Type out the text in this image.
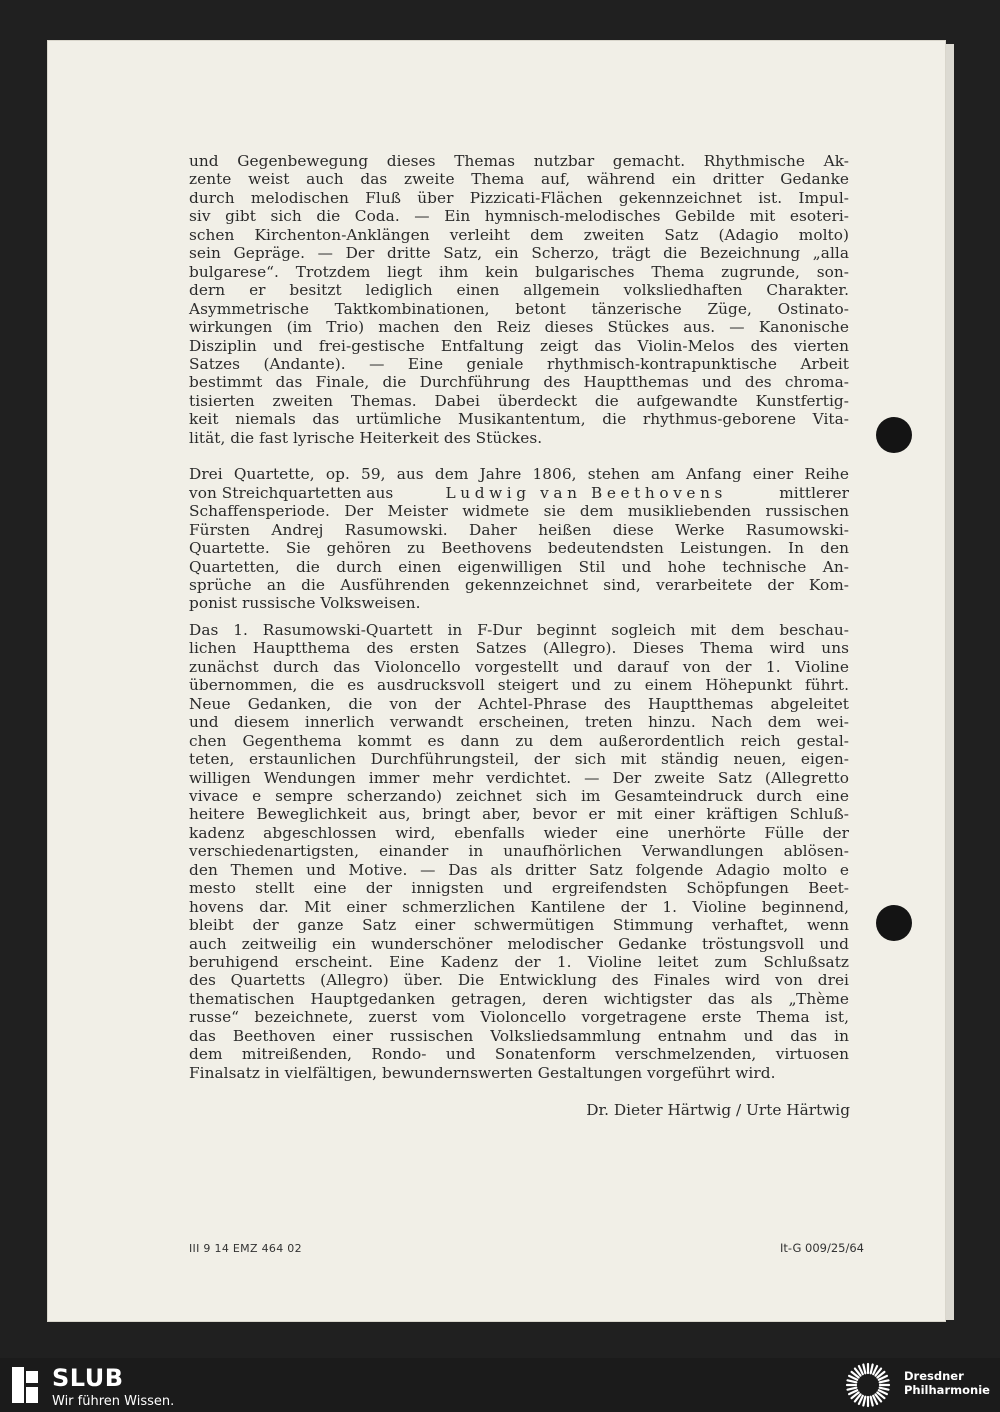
und Gegenbewegung dieses Themas nutzbar gemacht. Rhythmische Ak-
zente weist auch das zweite Thema auf, während ein dritter Gedanke
durch melodischen Fluß über Pizzicati-Flächen gekennzeichnet ist. Impul-
siv gibt sich die Coda. — Ein hymnisch-melodisches Gebilde mit esoteri-
schen Kirchenton-Anklängen verleiht dem zweiten Satz (Adagio molto)
sein Gepräge. — Der dritte Satz, ein Scherzo, trägt die Bezeichnung „alla
bulgarese“. Trotzdem liegt ihm kein bulgarisches Thema zugrunde, son-
dern er besitzt lediglich einen allgemein volksliedhaften Charakter.
Asymmetrische Taktkombinationen, betont tänzerische Züge, Ostinato-
wirkungen (im Trio) machen den Reiz dieses Stückes aus. — Kanonische
Disziplin und frei-gestische Entfaltung zeigt das Violin-Melos des vierten
Satzes (Andante). — Eine geniale rhythmisch-kontrapunktische Arbeit
bestimmt das Finale, die Durchführung des Hauptthemas und des chroma-
tisierten zweiten Themas. Dabei überdeckt die aufgewandte Kunstfertig-
keit niemals das urtümliche Musikantentum, die rhythmus-geborene Vita-
lität, die fast lyrische Heiterkeit des Stückes.
Drei Quartette, op. 59, aus dem Jahre 1806, stehen am Anfang einer Reihe
von Streichquartetten aus	Ludwig van Beethovens	mittlerer
Schaffensperiode. Der Meister widmete sie dem musikliebenden russischen
Fürsten Andrej Rasumowski. Daher heißen diese Werke Rasumowski-
Quartette. Sie gehören zu Beethovens bedeutendsten Leistungen. In den
Quartetten, die durch einen eigenwilligen Stil und hohe technische An-
sprüche an die Ausführenden gekennzeichnet sind, verarbeitete der Kom-
ponist russische Volksweisen.
Das 1. Rasumowski-Quartett in F-Dur beginnt sogleich mit dem beschau-
lichen Hauptthema des ersten Satzes (Allegro). Dieses Thema wird uns
zunächst durch das Violoncello vorgestellt und darauf von der 1. Violine
übernommen, die es ausdrucksvoll steigert und zu einem Höhepunkt führt.
Neue Gedanken, die von der Achtel-Phrase des Hauptthemas abgeleitet
und diesem innerlich verwandt erscheinen, treten hinzu. Nach dem wei-
chen Gegenthema kommt es dann zu dem außerordentlich reich gestal-
teten, erstaunlichen Durchführungsteil, der sich mit ständig neuen, eigen-
willigen Wendungen immer mehr verdichtet. — Der zweite Satz (Allegretto
vivace e sempre scherzando) zeichnet sich im Gesamteindruck durch eine
heitere Beweglichkeit aus, bringt aber, bevor er mit einer kräftigen Schluß-
kadenz abgeschlossen wird, ebenfalls wieder eine unerhörte Fülle der
verschiedenartigsten, einander in unaufhörlichen Verwandlungen ablösen-
den Themen und Motive. — Das als dritter Satz folgende Adagio molto e
mesto stellt eine der innigsten und ergreifendsten Schöpfungen Beet-
hovens dar. Mit einer schmerzlichen Kantilene der 1. Violine beginnend,
bleibt der ganze Satz einer schwermütigen Stimmung verhaftet, wenn
auch zeitweilig ein wunderschöner melodischer Gedanke tröstungsvoll und
beruhigend erscheint. Eine Kadenz der 1. Violine leitet zum Schlußsatz
des Quartetts (Allegro) über. Die Entwicklung des Finales wird von drei
thematischen Hauptgedanken getragen, deren wichtigster das als „Thème
russe“ bezeichnete, zuerst vom Violoncello vorgetragene erste Thema ist,
das Beethoven einer russischen Volksliedsammlung entnahm und das in
dem mitreißenden, Rondo- und Sonatenform verschmelzenden, virtuosen
Finalsatz in vielfältigen, bewundernswerten Gestaltungen vorgeführt wird.
Dr. Dieter Härtwig / Urte Härtwig
III 9 14 EMZ 464 02	It-G 009/25/64
SLUB
Wir führen Wissen.
Dresdner
Philharmonie
